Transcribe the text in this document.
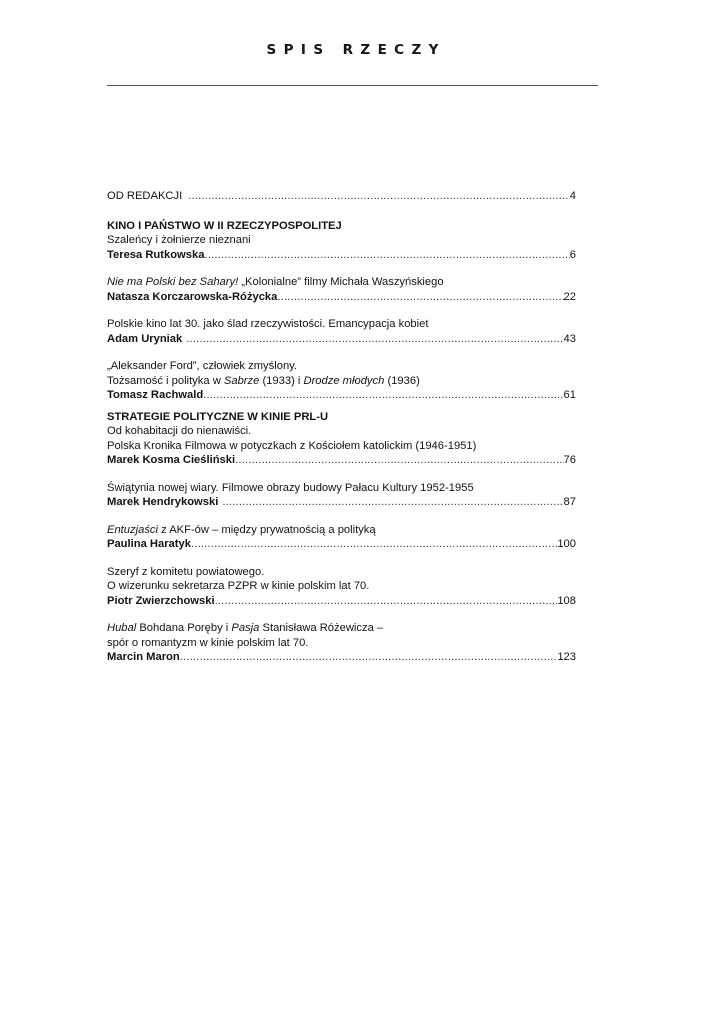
SPIS RZECZY
OD REDAKCJI .....	4
KINO I PAŃSTWO W II RZECZYPOSPOLITEJ
Szaleńcy i żołnierze nieznani
Teresa Rutkowska .....	6
Nie ma Polski bez Sahary! „Kolonialne” filmy Michała Waszyńskiego
Natasza Korczarowska-Różycka .....	22
Polskie kino lat 30. jako ślad rzeczywistości. Emancypacja kobiet
Adam Uryniak .....	43
„Aleksander Ford”, człowiek zmyślony.
Tożsamość i polityka w Sabrze (1933) i Drodze młodych (1936)
Tomasz Rachwald .....	61
STRATEGIE POLITYCZNE W KINIE PRL-U
Od kohabitacji do nienawiści.
Polska Kronika Filmowa w potyczkach z Kościołem katolickim (1946-1951)
Marek Kosma Cieśliński .....	76
Świątynia nowej wiary. Filmowe obrazy budowy Pałacu Kultury 1952-1955
Marek Hendrykowski .....	87
Entuzjaści z AKF-ów – między prywatnością a polityką
Paulina Haratyk .....	100
Szeryf z komitetu powiatowego.
O wizerunku sekretarza PZPR w kinie polskim lat 70.
Piotr Zwierzchowski .....	108
Hubal Bohdana Poręby i Pasja Stanisława Różewicza –
spór o romantyzm w kinie polskim lat 70.
Marcin Maron .....	123
